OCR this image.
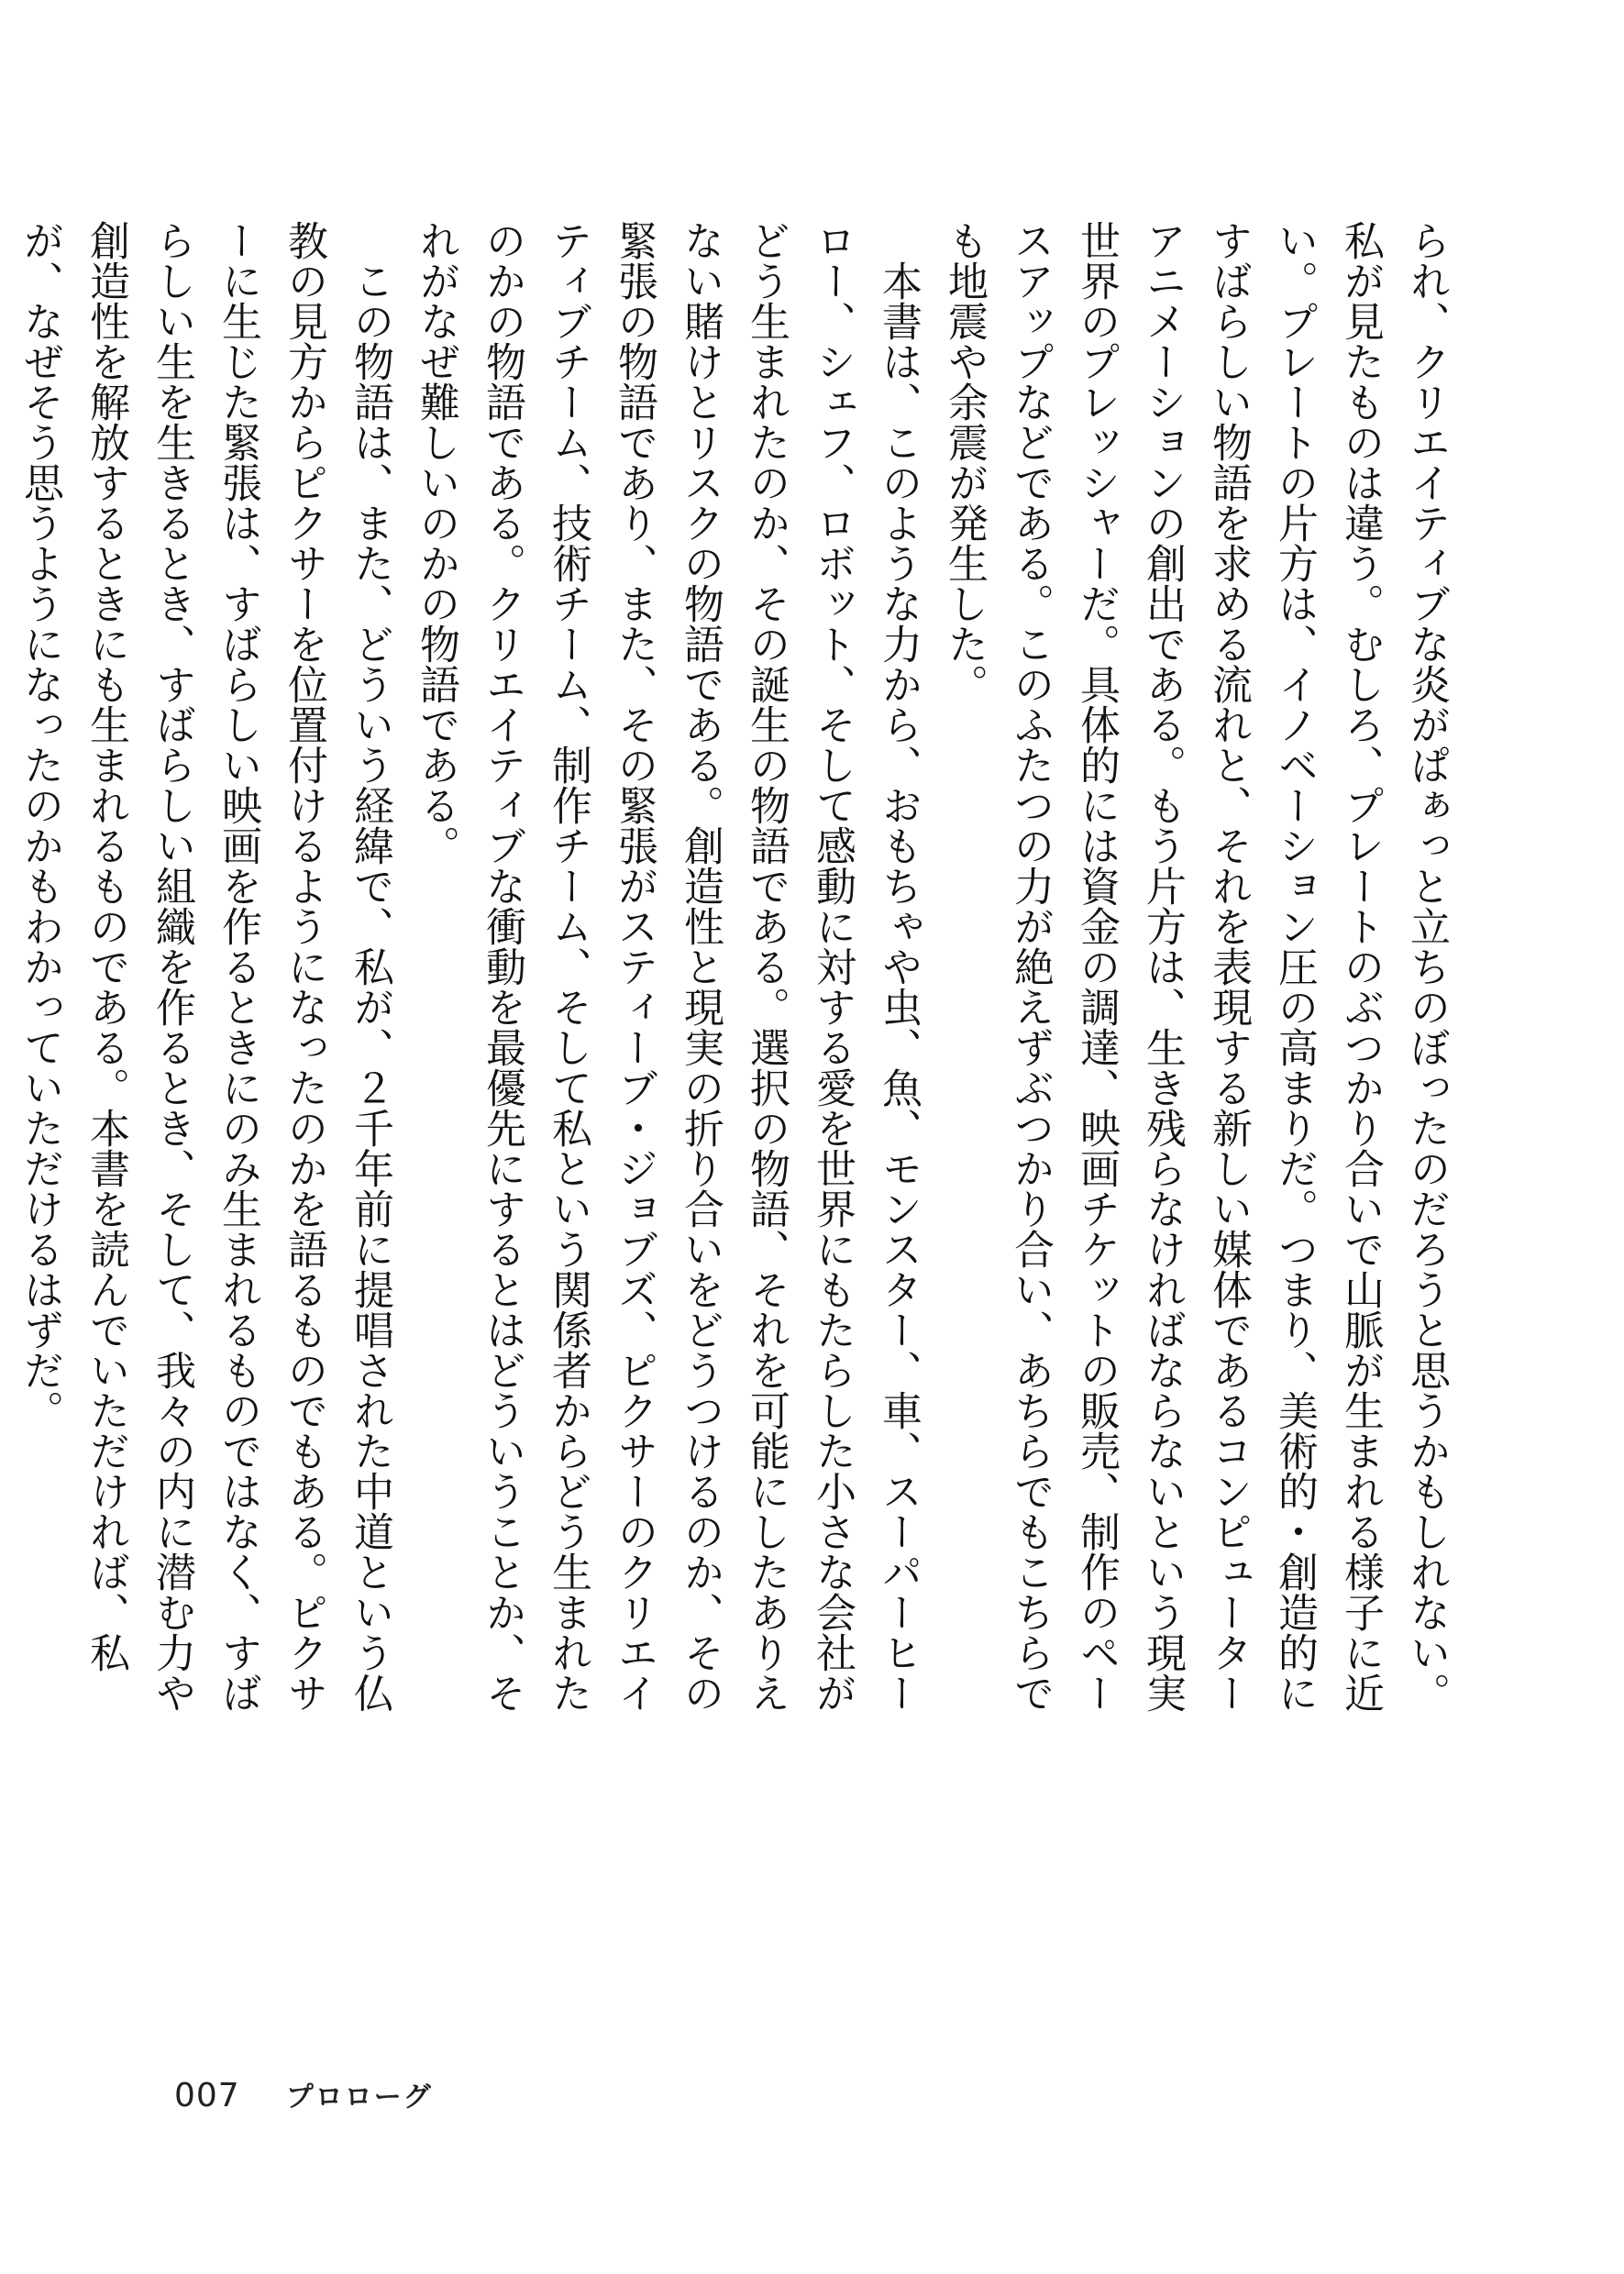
られ、クリエイティブな炎がぱぁっと立ちのぼったのだろうと思うかもしれない。私が見たものは違う。むしろ、プレートのぶつかり合いで山脈が生まれる様子に近い。プレートの片方は、イノベーション圧の高まりだ。つまり、美術的・創造的にすばらしい物語を求める流れと、それを表現する新しい媒体であるコンピューターアニメーションの創出である。もう片方は、生き残らなければならないという現実世界のプレッシャーだ。具体的には資金の調達、映画チケットの販売、制作のペースアップなどである。このふたつの力が絶えずぶつかり合い、あちらでもこちらでも地震や余震が発生した。

本書は、このような力から、おもちゃや虫、魚、モンスター、車、スーパーヒーロー、シェフ、ロボット、そして感動に対する愛を世界にもたらした小さな会社がどう生まれたのか、その誕生の物語である。選択の物語、それを可能にしたありえない賭けとリスクの物語である。創造性と現実の折り合いをどうつけるのか、その緊張の物語であり、また、その緊張がスティーブ・ジョブズ、ピクサーのクリエイティブチーム、技術チーム、制作チーム、そして私という関係者からどう生まれたのかの物語である。クリエイティブな衝動を最優先にするとはどういうことか、それがなぜ難しいのかの物語である。

この物語は、また、どういう経緯で、私が、２千年前に提唱された中道という仏教の見方からピクサーを位置付けるようになったのかを語るものでもある。ピクサーに生じた緊張は、すばらしい映画を作るときにのみ生まれるものではなく、すばらしい生を生きるとき、すばらしい組織を作るとき、そして、我々の内に潜む力や創造性を解放するときにも生まれるものである。本書を読んでいただければ、私が、なぜそう思うようになったのかもわかっていただけるはずだ。

007 プロローグ
